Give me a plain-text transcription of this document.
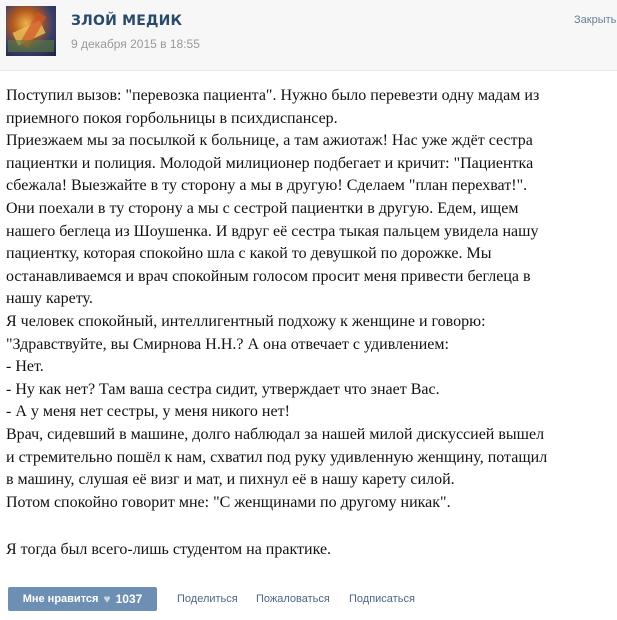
ЗЛОЙ МЕДИК
9 декабря 2015 в 18:55
Закрыть
Поступил вызов: "перевозка пациента". Нужно было перевезти одну мадам из
приемного покоя горбольницы в психдиспансер.
Приезжаем мы за посылкой к больнице, а там ажиотаж! Нас уже ждёт сестра
пациентки и полиция. Молодой милиционер подбегает и кричит: "Пациентка
сбежала! Выезжайте в ту сторону а мы в другую! Сделаем "план перехват!".
Они поехали в ту сторону а мы с сестрой пациентки в другую. Едем, ищем
нашего беглеца из Шоушенка. И вдруг её сестра тыкая пальцем увидела нашу
пациентку, которая спокойно шла с какой то девушкой по дорожке. Мы
останавливаемся и врач спокойным голосом просит меня привести беглеца в
нашу карету.
Я человек спокойный, интеллигентный подхожу к женщине и говорю:
"Здравствуйте, вы Смирнова Н.Н.? А она отвечает с удивлением:
- Нет.
- Ну как нет? Там ваша сестра сидит, утверждает что знает Вас.
- А у меня нет сестры, у меня никого нет!
Врач, сидевший в машине, долго наблюдал за нашей милой дискуссией вышел
и стремительно пошёл к нам, схватил под руку удивленную женщину, потащил
в машину, слушая её визг и мат, и пихнул её в нашу карету силой.
Потом спокойно говорит мне: "С женщинами по другому никак".
Я тогда был всего-лишь студентом на практике.
Мне нравится ♥ 1037	Поделиться Пожаловаться Подписаться
